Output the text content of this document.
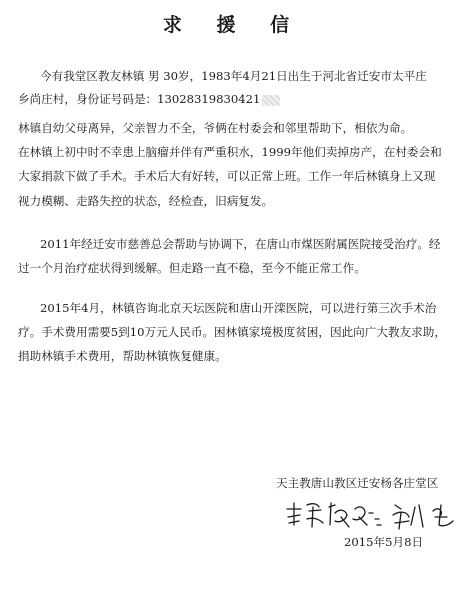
求 援 信
今有我堂区教友林镇 男 30岁，1983年4月21日出生于河北省迁安市太平庄
乡尚庄村，身份证号码是：13028319830421
林镇自幼父母离异，父亲智力不全，爷俩在村委会和邻里帮助下，相依为命。
在林镇上初中时不幸患上脑瘤并伴有严重积水，1999年他们卖掉房产，在村委会和
大家捐款下做了手术。手术后大有好转，可以正常上班。工作一年后林镇身上又现
视力模糊、走路失控的状态，经检查，旧病复发。
2011年经迁安市慈善总会帮助与协调下，在唐山市煤医附属医院接受治疗。经
过一个月治疗症状得到缓解。但走路一直不稳，至今不能正常工作。
2015年4月，林镇咨询北京天坛医院和唐山开滦医院，可以进行第三次手术治
疗。手术费用需要5到10万元人民币。困林镇家境极度贫困，因此向广大教友求助，
捐助林镇手术费用，帮助林镇恢复健康。
天主教唐山教区迁安杨各庄堂区
2015年5月8日
